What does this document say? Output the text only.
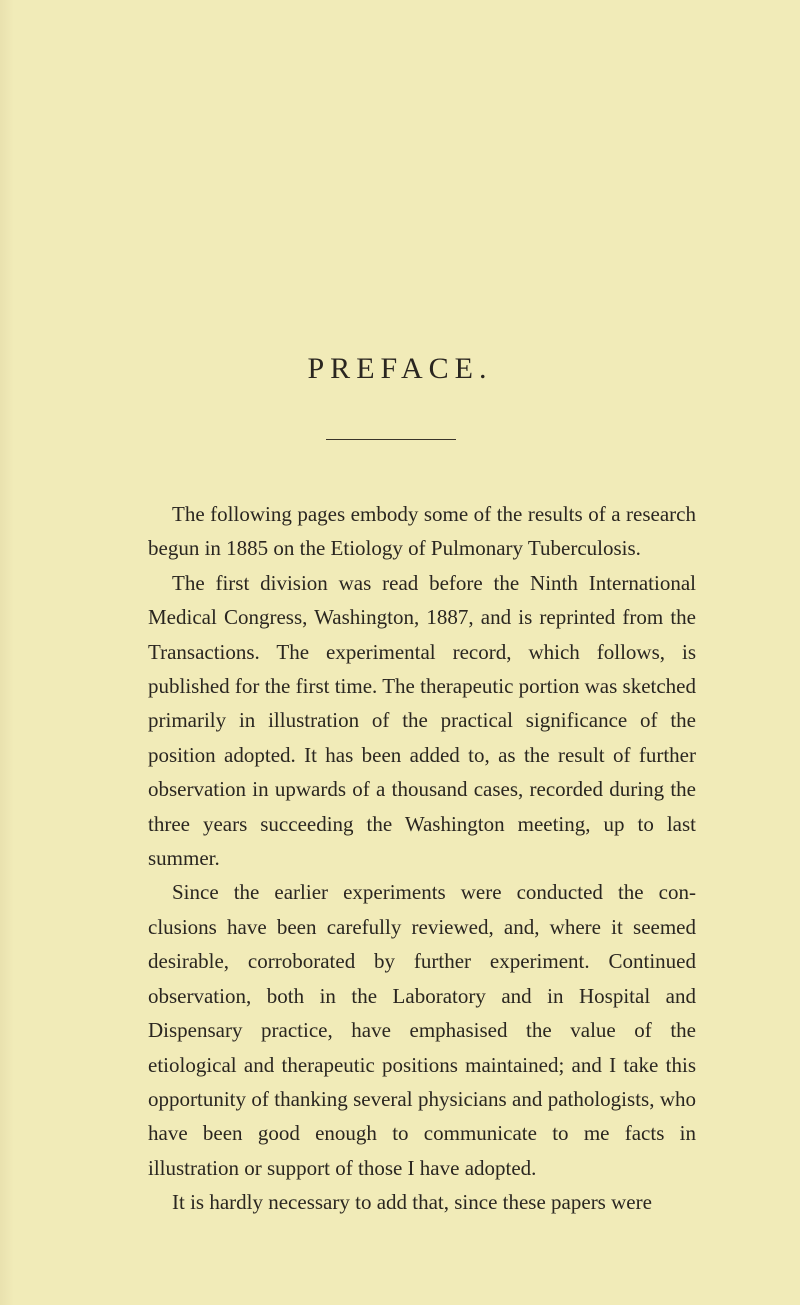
PREFACE.

The following pages embody some of the results of a research begun in 1885 on the Etiology of Pulmonary Tuberculosis.

The first division was read before the Ninth International Medical Congress, Washington, 1887, and is reprinted from the Transactions. The experimental record, which follows, is published for the first time. The therapeutic portion was sketched primarily in illustration of the practical significance of the position adopted. It has been added to, as the result of further observation in upwards of a thousand cases, recorded during the three years succeeding the Washington meeting, up to last summer.

Since the earlier experiments were conducted the con-clusions have been carefully reviewed, and, where it seemed desirable, corroborated by further experiment. Continued observation, both in the Laboratory and in Hospital and Dispensary practice, have emphasised the value of the etiological and therapeutic positions maintained; and I take this opportunity of thanking several physicians and pathologists, who have been good enough to communicate to me facts in illustration or support of those I have adopted.

It is hardly necessary to add that, since these papers were
